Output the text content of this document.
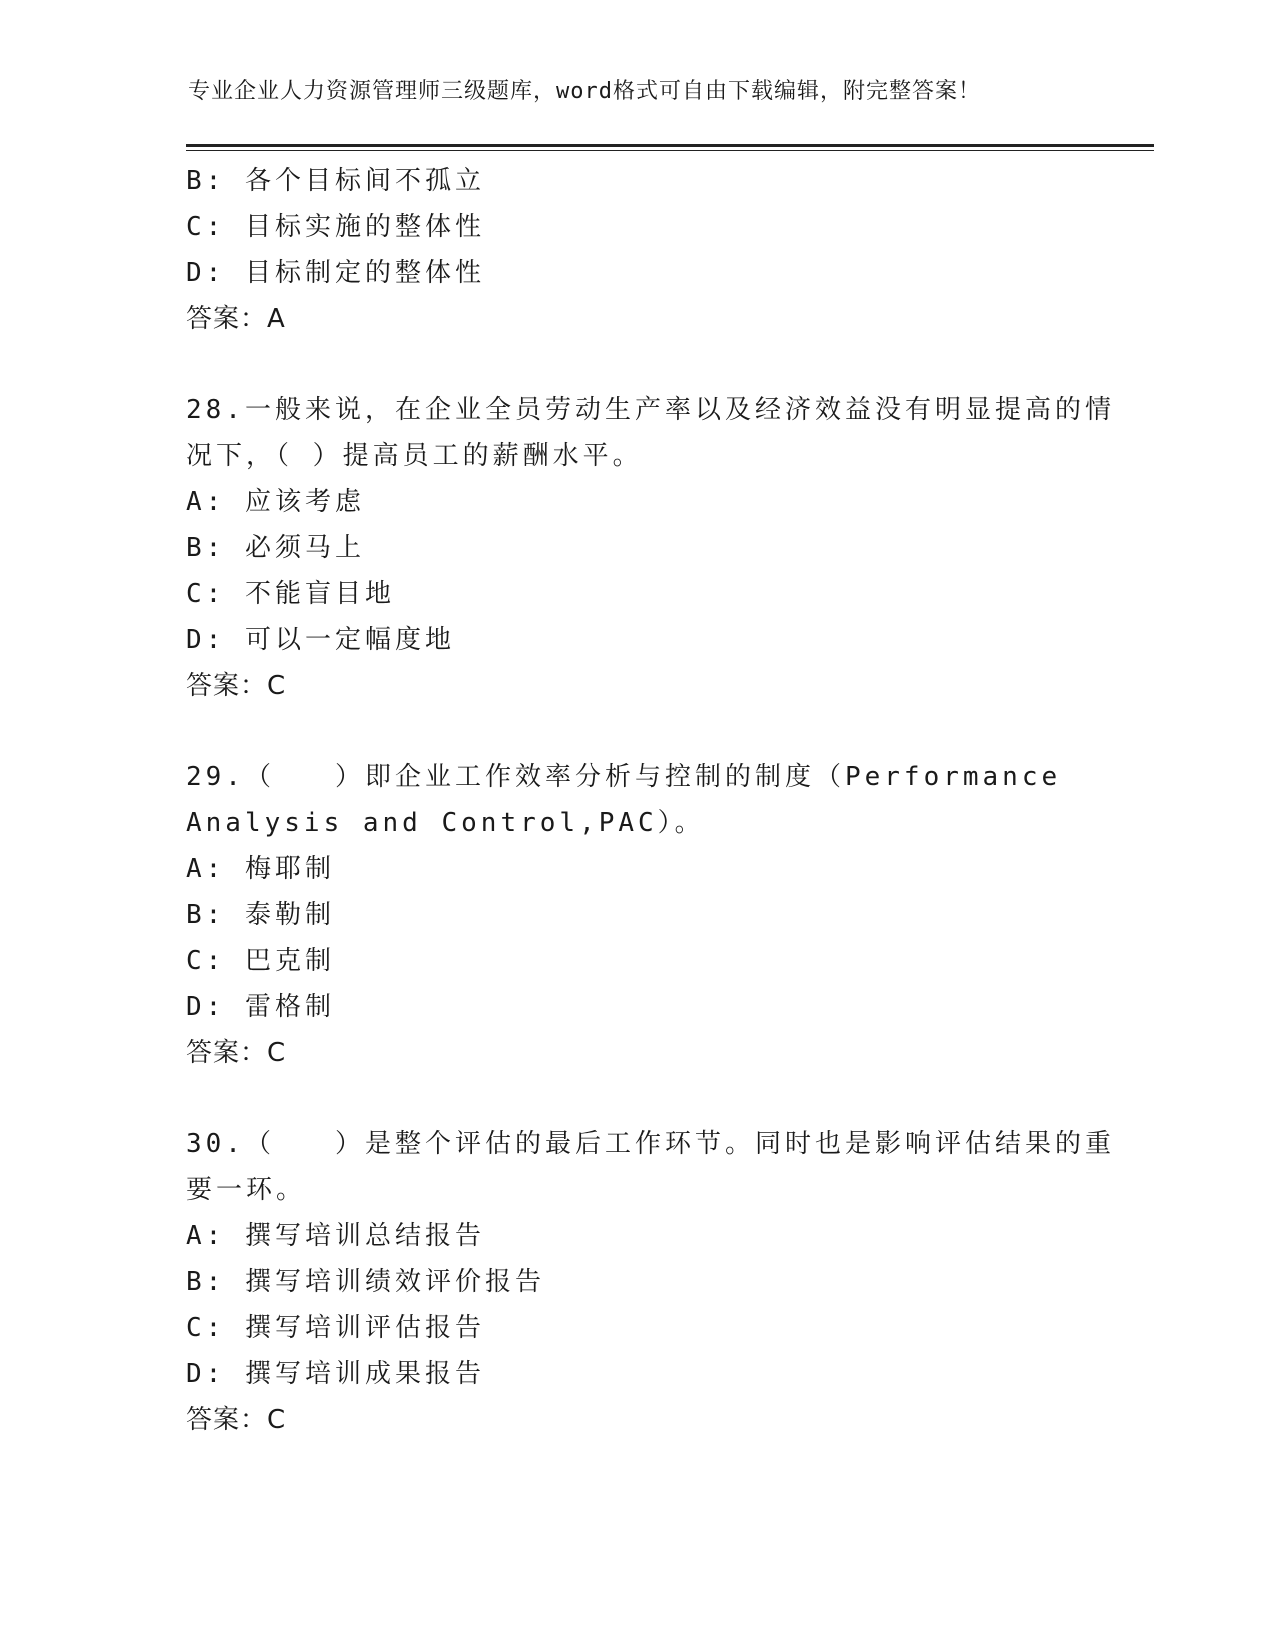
专业企业人力资源管理师三级题库，word格式可自由下载编辑，附完整答案！
B: 各个目标间不孤立
C: 目标实施的整体性
D: 目标制定的整体性
答案：A
28.一般来说，在企业全员劳动生产率以及经济效益没有明显提高的情
况下，（ ）提高员工的薪酬水平。
A: 应该考虑
B: 必须马上
C: 不能盲目地
D: 可以一定幅度地
答案：C
29.（　　）即企业工作效率分析与控制的制度（Performance
Analysis and Control,PAC）。
A: 梅耶制
B: 泰勒制
C: 巴克制
D: 雷格制
答案：C
30.（　　）是整个评估的最后工作环节。同时也是影响评估结果的重
要一环。
A: 撰写培训总结报告
B: 撰写培训绩效评价报告
C: 撰写培训评估报告
D: 撰写培训成果报告
答案：C
